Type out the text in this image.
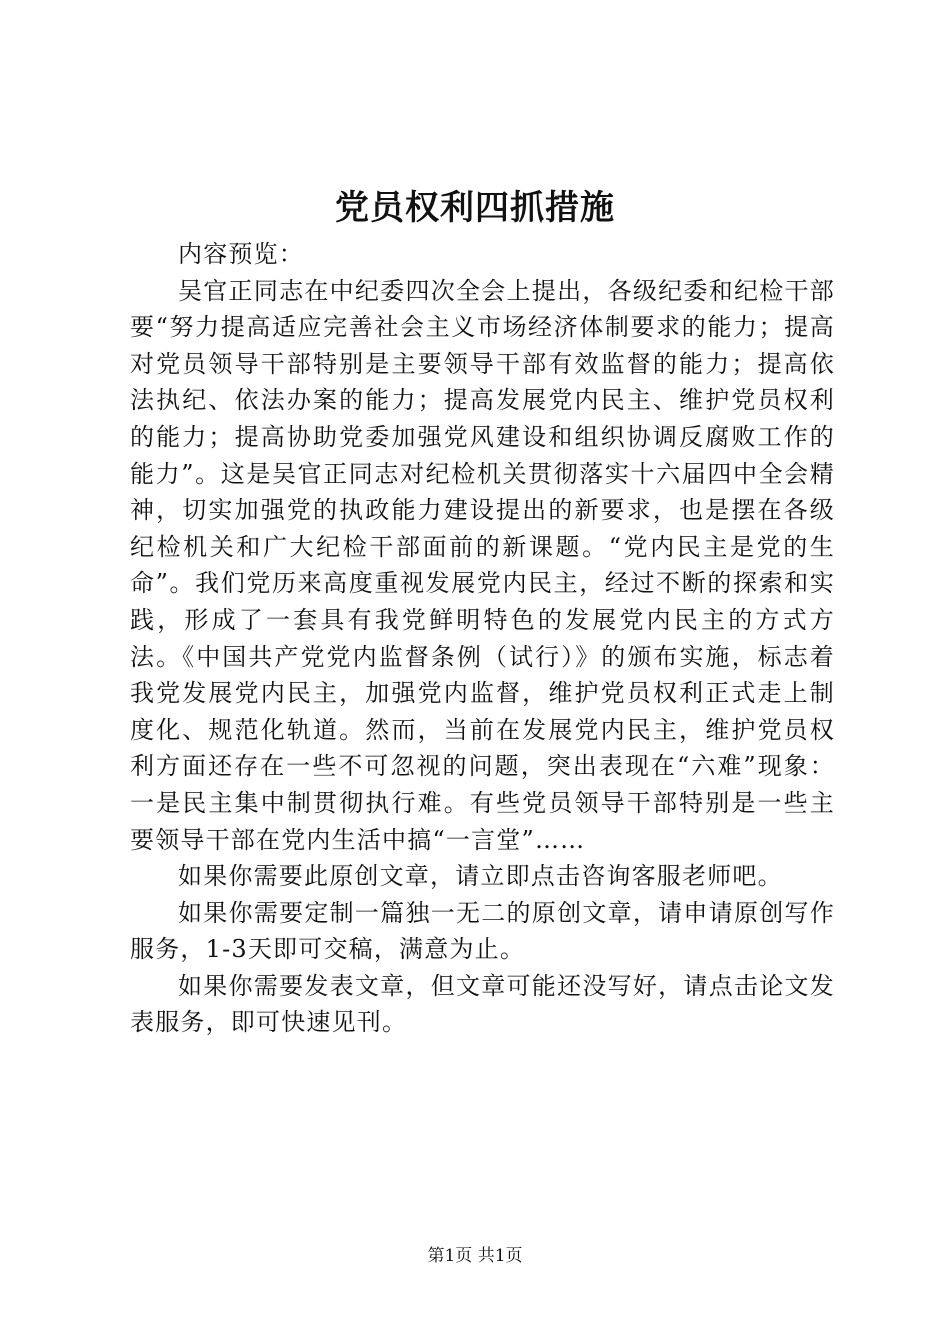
党员权利四抓措施

内容预览：

吴官正同志在中纪委四次全会上提出，各级纪委和纪检干部要“努力提高适应完善社会主义市场经济体制要求的能力；提高对党员领导干部特别是主要领导干部有效监督的能力；提高依法执纪、依法办案的能力；提高发展党内民主、维护党员权利的能力；提高协助党委加强党风建设和组织协调反腐败工作的能力”。这是吴官正同志对纪检机关贯彻落实十六届四中全会精神，切实加强党的执政能力建设提出的新要求，也是摆在各级纪检机关和广大纪检干部面前的新课题。“党内民主是党的生命”。我们党历来高度重视发展党内民主，经过不断的探索和实践，形成了一套具有我党鲜明特色的发展党内民主的方式方法。《中国共产党党内监督条例（试行）》的颁布实施，标志着我党发展党内民主，加强党内监督，维护党员权利正式走上制度化、规范化轨道。然而，当前在发展党内民主，维护党员权利方面还存在一些不可忽视的问题，突出表现在“六难”现象：一是民主集中制贯彻执行难。有些党员领导干部特别是一些主要领导干部在党内生活中搞“一言堂”……

如果你需要此原创文章，请立即点击咨询客服老师吧。

如果你需要定制一篇独一无二的原创文章，请申请原创写作服务，1-3天即可交稿，满意为止。

如果你需要发表文章，但文章可能还没写好，请点击论文发表服务，即可快速见刊。

第1页 共1页
